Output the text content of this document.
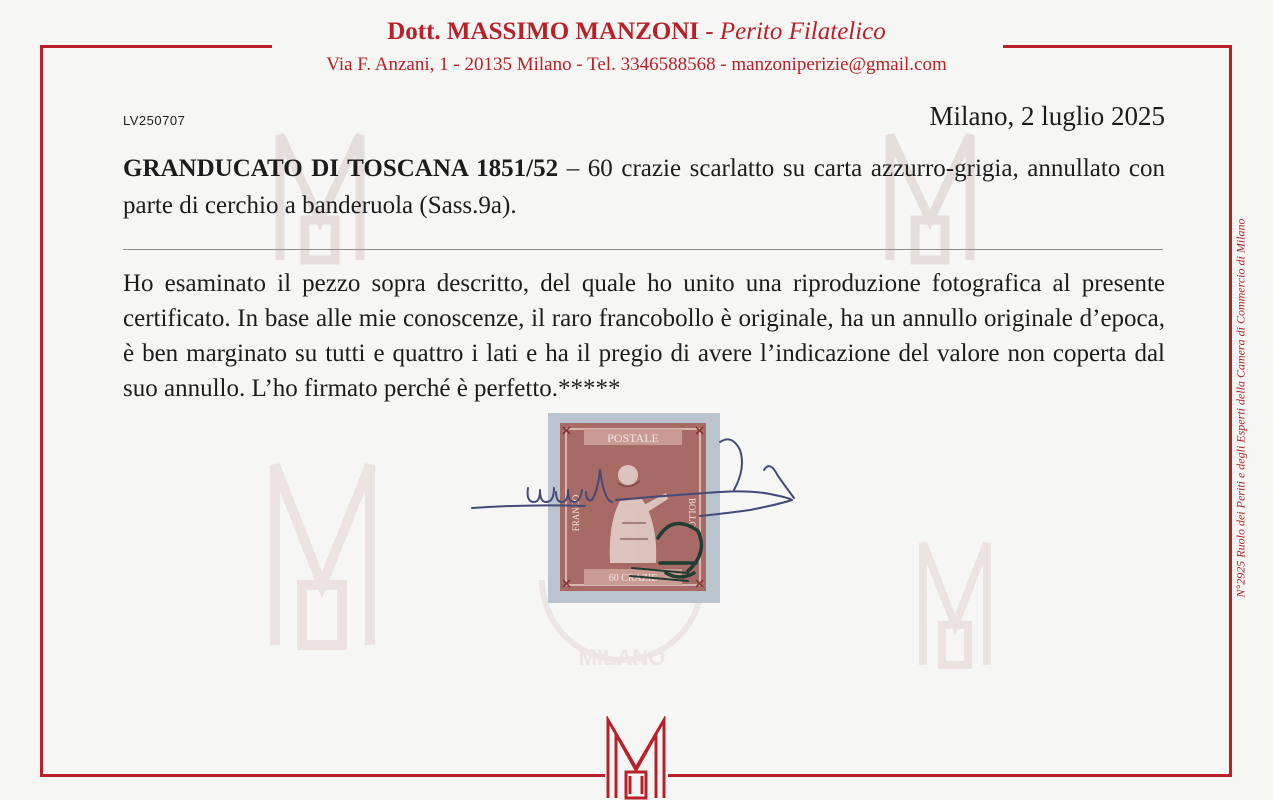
MILANO
Dott. MASSIMO MANZONI - Perito Filatelico
Via F. Anzani, 1 - 20135 Milano - Tel. 3346588568 - manzoniperizie@gmail.com
LV250707	Milano, 2 luglio 2025
GRANDUCATO DI TOSCANA 1851/52 – 60 crazie scarlatto su carta azzurro-grigia, annullato con parte di cerchio a banderuola (Sass.9a).
Ho esaminato il pezzo sopra descritto, del quale ho unito una riproduzione fotografica al presente certificato. In base alle mie conoscenze, il raro francobollo è originale, ha un annullo originale d’epoca, è ben marginato su tutti e quattro i lati e ha il pregio di avere l’indicazione del valore non coperta dal suo annullo. L’ho firmato perché è perfetto.*****	N°2925 Ruolo dei Periti e degli Esperti della Camera di Commercio di Milano
POSTALE
FRANCO	BOLLO
60 CRAZIE
